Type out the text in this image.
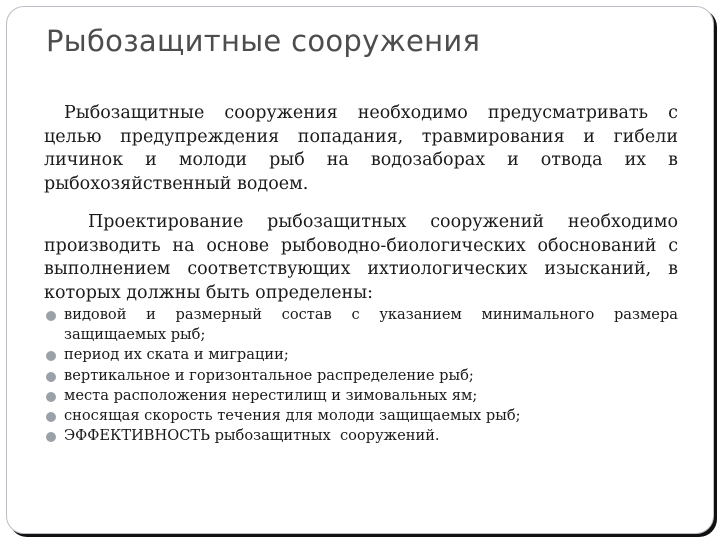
Рыбозащитные сооружения

Рыбозащитные сооружения необходимо предусматривать с целью предупреждения попадания, травмирования и гибели личинок и молоди рыб на водозаборах и отвода их в рыбохозяйственный водоем.

Проектирование рыбозащитных сооружений необходимо производить на основе рыбоводно-биологических обоснований с выполнением соответствующих ихтиологических изысканий, в которых должны быть определены:

видовой и размерный состав с указанием минимального размера защищаемых рыб;
период их ската и миграции;
вертикальное и горизонтальное распределение рыб;
места расположения нерестилищ и зимовальных ям;
сносящая скорость течения для молоди защищаемых рыб;
ЭФФЕКТИВНОСТЬ рыбозащитных  сооружений.
